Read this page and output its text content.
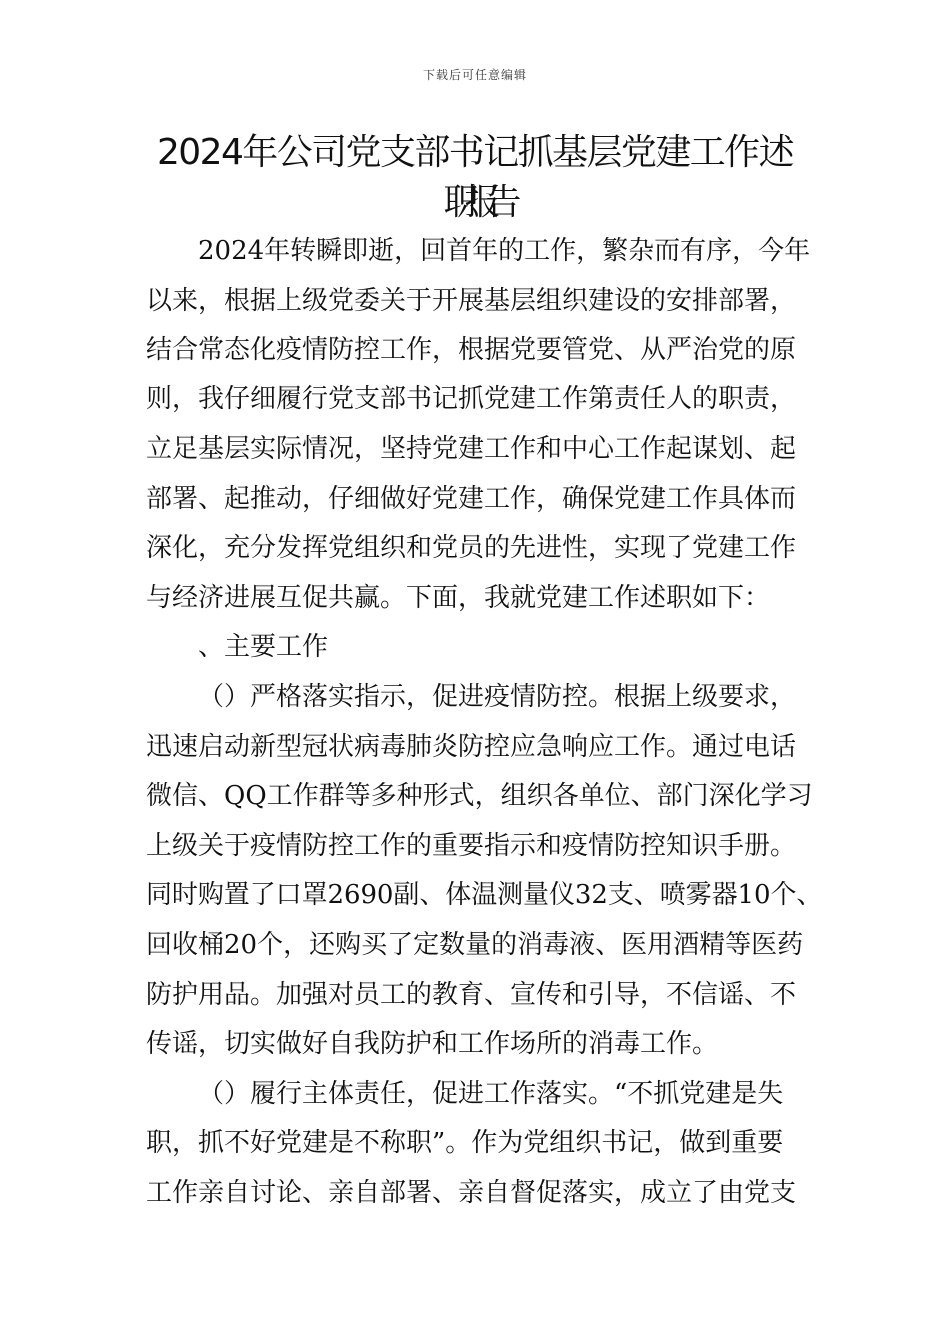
下载后可任意编辑
2024年公司党支部书记抓基层党建工作述
职报告
2024年转瞬即逝，回首年的工作，繁杂而有序，今年
以来，根据上级党委关于开展基层组织建设的安排部署，
结合常态化疫情防控工作，根据党要管党、从严治党的原
则，我仔细履行党支部书记抓党建工作第责任人的职责，
立足基层实际情况，坚持党建工作和中心工作起谋划、起
部署、起推动，仔细做好党建工作，确保党建工作具体而
深化，充分发挥党组织和党员的先进性，实现了党建工作
与经济进展互促共赢。下面，我就党建工作述职如下：
、主要工作
（）严格落实指示，促进疫情防控。根据上级要求，
迅速启动新型冠状病毒肺炎防控应急响应工作。通过电话
微信、QQ工作群等多种形式，组织各单位、部门深化学习
上级关于疫情防控工作的重要指示和疫情防控知识手册。
同时购置了口罩2690副、体温测量仪32支、喷雾器10个、
回收桶20个，还购买了定数量的消毒液、医用酒精等医药
防护用品。加强对员工的教育、宣传和引导，不信谣、不
传谣，切实做好自我防护和工作场所的消毒工作。
（）履行主体责任，促进工作落实。“不抓党建是失
职，抓不好党建是不称职”。作为党组织书记，做到重要
工作亲自讨论、亲自部署、亲自督促落实，成立了由党支
